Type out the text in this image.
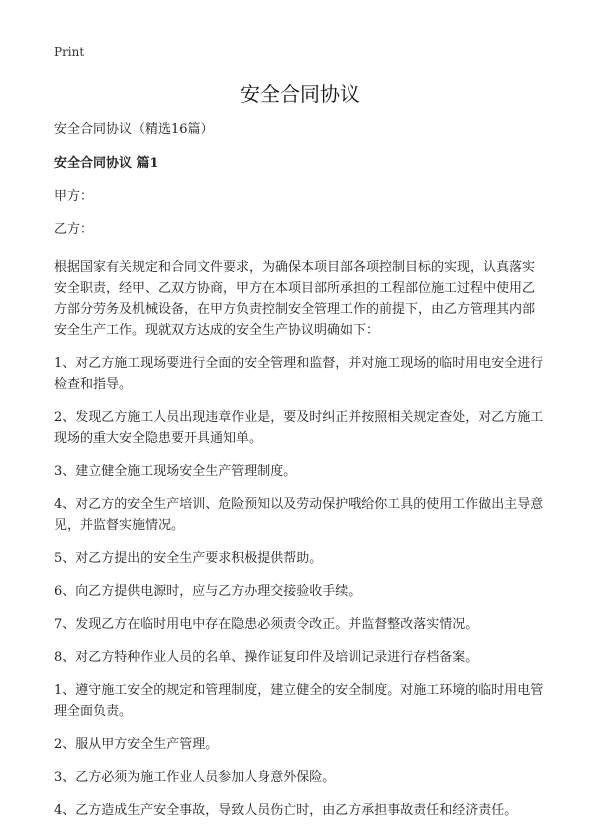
Print

安全合同协议

安全合同协议（精选16篇）

安全合同协议 篇1

甲方：

乙方：

根据国家有关规定和合同文件要求，为确保本项目部各项控制目标的实现，认真落实安全职责，经甲、乙双方协商，甲方在本项目部所承担的工程部位施工过程中使用乙方部分劳务及机械设备，在甲方负责控制安全管理工作的前提下，由乙方管理其内部安全生产工作。现就双方达成的安全生产协议明确如下：

1、对乙方施工现场要进行全面的安全管理和监督，并对施工现场的临时用电安全进行检查和指导。

2、发现乙方施工人员出现违章作业是，要及时纠正并按照相关规定查处，对乙方施工现场的重大安全隐患要开具通知单。

3、建立健全施工现场安全生产管理制度。

4、对乙方的安全生产培训、危险预知以及劳动保护哦给你工具的使用工作做出主导意见，并监督实施情况。

5、对乙方提出的安全生产要求积极提供帮助。

6、向乙方提供电源时，应与乙方办理交接验收手续。

7、发现乙方在临时用电中存在隐患必须责令改正。并监督整改落实情况。

8、对乙方特种作业人员的名单、操作证复印件及培训记录进行存档备案。

1、遵守施工安全的规定和管理制度，建立健全的安全制度。对施工环境的临时用电管理全面负责。

2、服从甲方安全生产管理。

3、乙方必须为施工作业人员参加人身意外保险。

4、乙方造成生产安全事故，导致人员伤亡时，由乙方承担事故责任和经济责任。
